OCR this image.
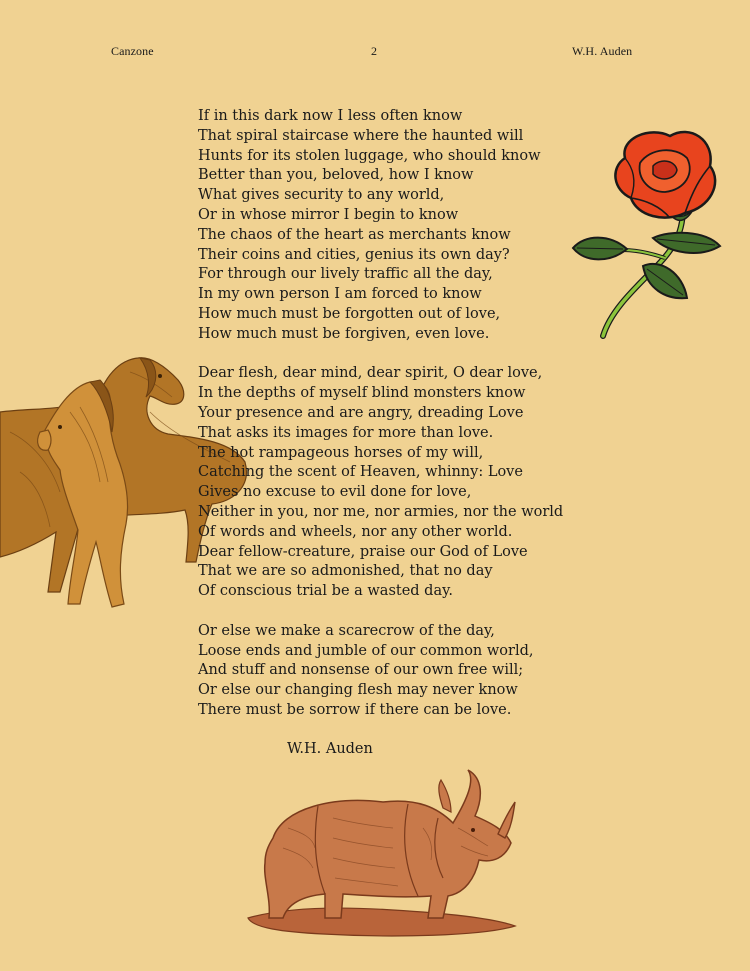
Canzone	2	W.H. Auden
If in this dark now I less often know
That spiral staircase where the haunted will
Hunts for its stolen luggage, who should know
Better than you, beloved, how I know
What gives security to any world,
Or in whose mirror I begin to know
The chaos of the heart as merchants know
Their coins and cities, genius its own day?
For through our lively traffic all the day,
In my own person I am forced to know
How much must be forgotten out of love,
How much must be forgiven, even love.
Dear flesh, dear mind, dear spirit, O dear love,
In the depths of myself blind monsters know
Your presence and are angry, dreading Love
That asks its images for more than love.
The hot rampageous horses of my will,
Catching the scent of Heaven, whinny: Love
Gives no excuse to evil done for love,
Neither in you, nor me, nor armies, nor the world
Of words and wheels, nor any other world.
Dear fellow-creature, praise our God of Love
That we are so admonished, that no day
Of conscious trial be a wasted day.
Or else we make a scarecrow of the day,
Loose ends and jumble of our common world,
And stuff and nonsense of our own free will;
Or else our changing flesh may never know
There must be sorrow if there can be love.
W.H. Auden
